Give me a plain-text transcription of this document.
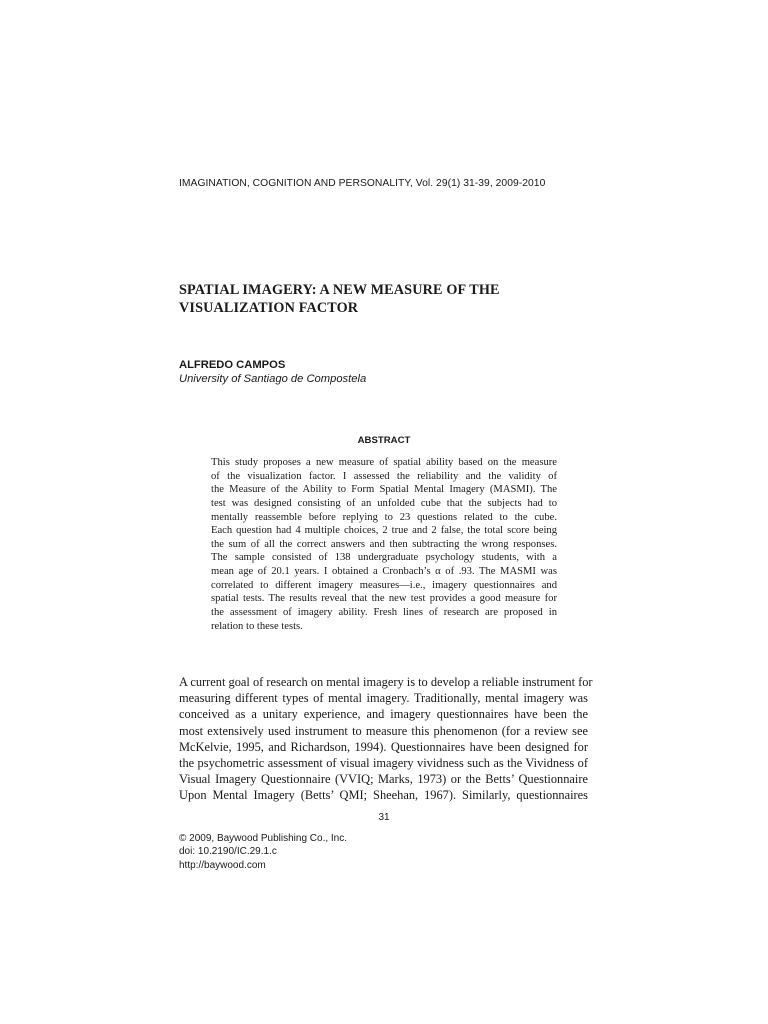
IMAGINATION, COGNITION AND PERSONALITY, Vol. 29(1) 31-39, 2009-2010
SPATIAL IMAGERY: A NEW MEASURE OF THE
VISUALIZATION FACTOR
ALFREDO CAMPOS
University of Santiago de Compostela
ABSTRACT
This study proposes a new measure of spatial ability based on the measure
of the visualization factor. I assessed the reliability and the validity of
the Measure of the Ability to Form Spatial Mental Imagery (MASMI). The
test was designed consisting of an unfolded cube that the subjects had to
mentally reassemble before replying to 23 questions related to the cube.
Each question had 4 multiple choices, 2 true and 2 false, the total score being
the sum of all the correct answers and then subtracting the wrong responses.
The sample consisted of 138 undergraduate psychology students, with a
mean age of 20.1 years. I obtained a Cronbach’s α of .93. The MASMI was
correlated to different imagery measures—i.e., imagery questionnaires and
spatial tests. The results reveal that the new test provides a good measure for
the assessment of imagery ability. Fresh lines of research are proposed in
relation to these tests.
A current goal of research on mental imagery is to develop a reliable instrument for
measuring different types of mental imagery. Traditionally, mental imagery was
conceived as a unitary experience, and imagery questionnaires have been the
most extensively used instrument to measure this phenomenon (for a review see
McKelvie, 1995, and Richardson, 1994). Questionnaires have been designed for
the psychometric assessment of visual imagery vividness such as the Vividness of
Visual Imagery Questionnaire (VVIQ; Marks, 1973) or the Betts’ Questionnaire
Upon Mental Imagery (Betts’ QMI; Sheehan, 1967). Similarly, questionnaires
31
© 2009, Baywood Publishing Co., Inc.
doi: 10.2190/IC.29.1.c
http://baywood.com
